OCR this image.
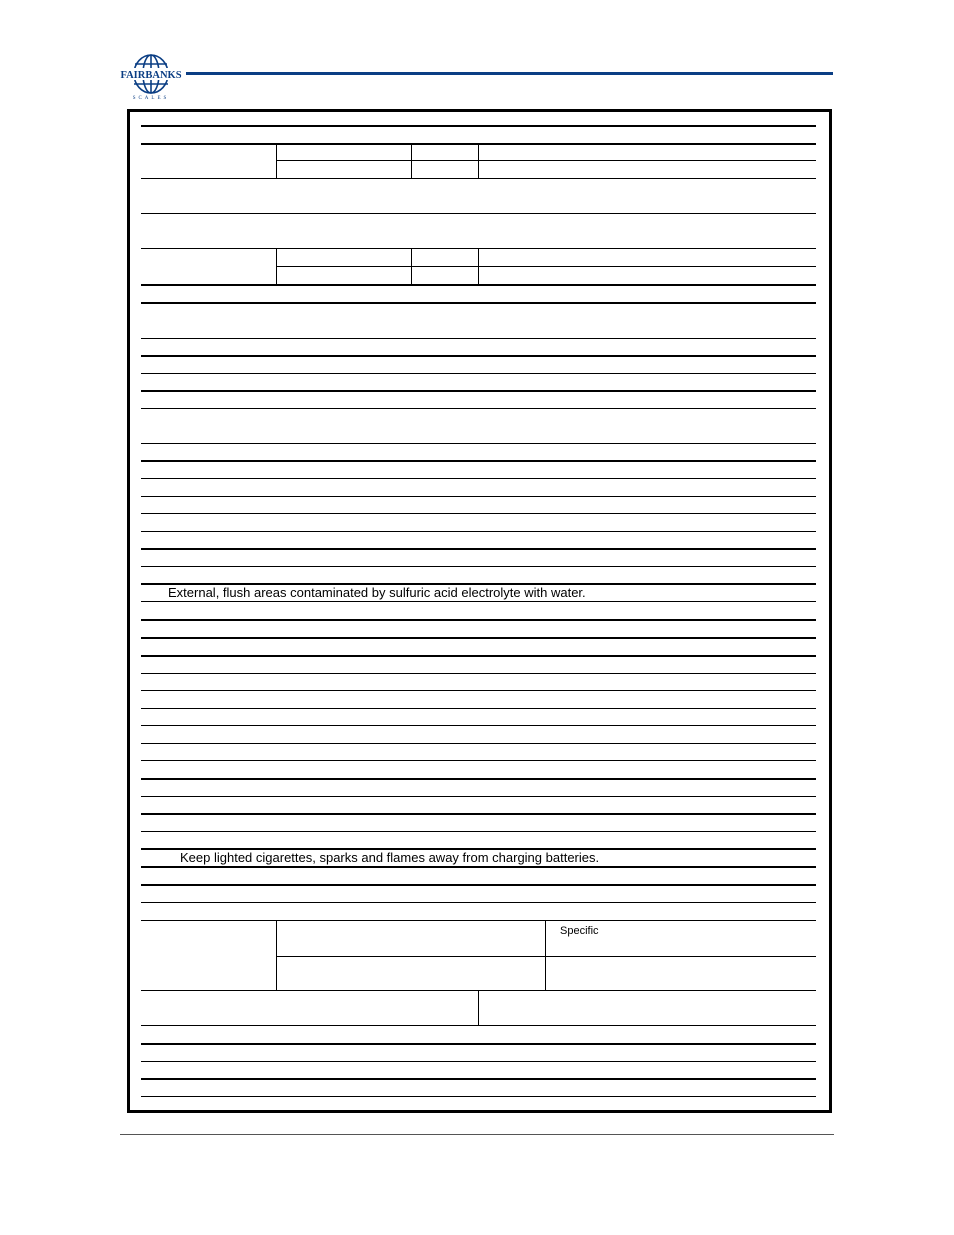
FAIRBANKS
SCALES
External, flush areas contaminated by sulfuric acid electrolyte with water.
Keep lighted cigarettes, sparks and flames away from charging batteries.
Specific
